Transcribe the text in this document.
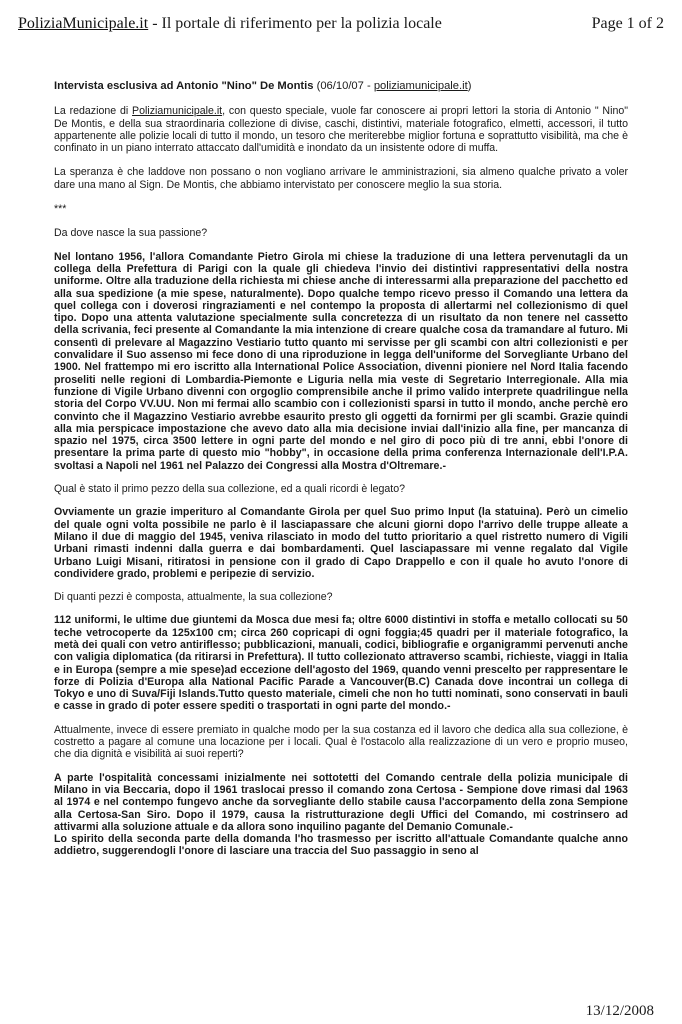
PoliziaMunicipale.it - Il portale di riferimento per la polizia locale	Page 1 of 2

Intervista esclusiva ad Antonio "Nino" De Montis (06/10/07 - poliziamunicipale.it)

La redazione di Poliziamunicipale.it, con questo speciale, vuole far conoscere ai propri lettori la storia di Antonio " Nino" De Montis, e della sua straordinaria collezione di divise, caschi, distintivi, materiale fotografico, elmetti, accessori, il tutto appartenente alle polizie locali di tutto il mondo, un tesoro che meriterebbe miglior fortuna e soprattutto visibilità, ma che è confinato in un piano interrato attaccato dall'umidità e inondato da un insistente odore di muffa.

La speranza è che laddove non possano o non vogliano arrivare le amministrazioni, sia almeno qualche privato a voler dare una mano al Sign. De Montis, che abbiamo intervistato per conoscere meglio la sua storia.

***

Da dove nasce la sua passione?

Nel lontano 1956, l'allora Comandante Pietro Girola mi chiese la traduzione di una lettera pervenutagli da un collega della Prefettura di Parigi con la quale gli chiedeva l'invio dei distintivi rappresentativi della nostra uniforme. Oltre alla traduzione della richiesta mi chiese anche di interessarmi alla preparazione del pacchetto ed alla sua spedizione (a mie spese, naturalmente). Dopo qualche tempo ricevo presso il Comando una lettera da quel collega con i doverosi ringraziamenti e nel contempo la proposta di allertarmi nel collezionismo di quel tipo. Dopo una attenta valutazione specialmente sulla concretezza di un risultato da non tenere nel cassetto della scrivania, feci presente al Comandante la mia intenzione di creare qualche cosa da tramandare al futuro. Mi consentì di prelevare al Magazzino Vestiario tutto quanto mi servisse per gli scambi con altri collezionisti e per convalidare il Suo assenso mi fece dono di una riproduzione in legga dell'uniforme del Sorvegliante Urbano del 1900. Nel frattempo mi ero iscritto alla International Police Association, divenni pioniere nel Nord Italia facendo proseliti nelle regioni di Lombardia-Piemonte e Liguria nella mia veste di Segretario Interregionale. Alla mia funzione di Vigile Urbano divenni con orgoglio comprensibile anche il primo valido interprete quadrilingue nella storia del Corpo VV.UU. Non mi fermai allo scambio con i collezionisti sparsi in tutto il mondo, anche perchè ero convinto che il Magazzino Vestiario avrebbe esaurito presto gli oggetti da fornirmi per gli scambi. Grazie quindi alla mia perspicace impostazione che avevo dato alla mia decisione inviai dall'inizio alla fine, per mancanza di spazio nel 1975, circa 3500 lettere in ogni parte del mondo e nel giro di poco più di tre anni, ebbi l'onore di presentare la prima parte di questo mio "hobby", in occasione della prima conferenza Internazionale dell'I.P.A. svoltasi a Napoli nel 1961 nel Palazzo dei Congressi alla Mostra d'Oltremare.-

Qual è stato il primo pezzo della sua collezione, ed a quali ricordi è legato?

Ovviamente un grazie imperituro al Comandante Girola per quel Suo primo Input (la statuina). Però un cimelio del quale ogni volta possibile ne parlo è il lasciapassare che alcuni giorni dopo l'arrivo delle truppe alleate a Milano il due di maggio del 1945, veniva rilasciato in modo del tutto prioritario a quel ristretto numero di Vigili Urbani rimasti indenni dalla guerra e dai bombardamenti. Quel lasciapassare mi venne regalato dal Vigile Urbano Luigi Misani, ritiratosi in pensione con il grado di Capo Drappello e con il quale ho avuto l'onore di condividere grado, problemi e peripezie di servizio.

Di quanti pezzi è composta, attualmente, la sua collezione?

112 uniformi, le ultime due giuntemi da Mosca due mesi fa; oltre 6000 distintivi in stoffa e metallo collocati su 50 teche vetrocoperte da 125x100 cm; circa 260 copricapi di ogni foggia;45 quadri per il materiale fotografico, la metà dei quali con vetro antiriflesso; pubblicazioni, manuali, codici, bibliografie e organigrammi pervenuti anche con valigia diplomatica (da ritirarsi in Prefettura). Il tutto collezionato attraverso scambi, richieste, viaggi in Italia e in Europa (sempre a mie spese)ad eccezione dell'agosto del 1969, quando venni prescelto per rappresentare le forze di Polizia d'Europa alla National Pacific Parade a Vancouver(B.C) Canada dove incontrai un collega di Tokyo e uno di Suva/Fiji Islands.Tutto questo materiale, cimeli che non ho tutti nominati, sono conservati in bauli e casse in grado di poter essere spediti o trasportati in ogni parte del mondo.-

Attualmente, invece di essere premiato in qualche modo per la sua costanza ed il lavoro che dedica alla sua collezione, è costretto a pagare al comune una locazione per i locali. Qual è l'ostacolo alla realizzazione di un vero e proprio museo, che dia dignità e visibilità ai suoi reperti?

A parte l'ospitalità concessami inizialmente nei sottotetti del Comando centrale della polizia municipale di Milano in via Beccaria, dopo il 1961 traslocai presso il comando zona Certosa - Sempione dove rimasi dal 1963 al 1974 e nel contempo fungevo anche da sorvegliante dello stabile causa l'accorpamento della zona Sempione alla Certosa-San Siro. Dopo il 1979, causa la ristrutturazione degli Uffici del Comando, mi costrinsero ad attivarmi alla soluzione attuale e da allora sono inquilino pagante del Demanio Comunale.-

Lo spirito della seconda parte della domanda l'ho trasmesso per iscritto all'attuale Comandante qualche anno addietro, suggerendogli l'onore di lasciare una traccia del Suo passaggio in seno al

13/12/2008
